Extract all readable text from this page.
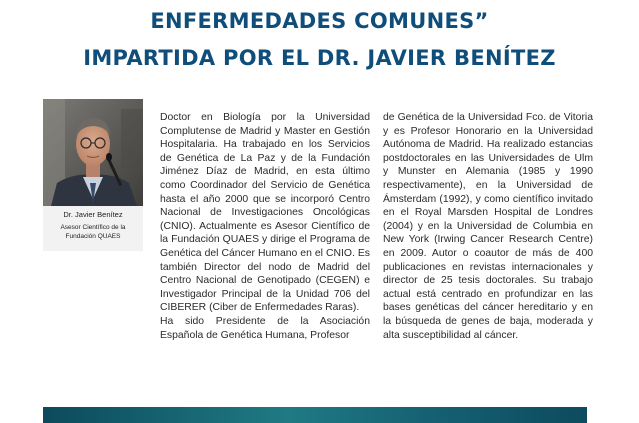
ENFERMEDADES COMUNES”
IMPARTIDA POR EL DR. JAVIER BENÍTEZ
Dr. Javier Benítez
Asesor Científico de la
Fundación QUAES

Doctor en Biología por la Universidad Complutense de Madrid y Master en Gestión Hospitalaria. Ha trabajado en los Servicios de Genética de La Paz y de la Fundación Jiménez Díaz de Madrid, en esta último como Coordinador del Servicio de Genética hasta el año 2000 que se incorporó Centro Nacional de Investigaciones Oncológicas (CNIO). Actualmente es Asesor Científico de la Fundación QUAES y dirige el Programa de Genética del Cáncer Humano en el CNIO. Es también Director del nodo de Madrid del Centro Nacional de Genotipado (CEGEN) e Investigador Principal de la Unidad 706 del CIBERER (Ciber de Enfermedades Raras).

Ha sido Presidente de la Asociación Española de Genética Humana, Profesor

de Genética de la Universidad Fco. de Vitoria y es Profesor Honorario en la Universidad Autónoma de Madrid. Ha realizado estancias postdoctorales en las Universidades de Ulm y Munster en Alemania (1985 y 1990 respectivamente), en la Universidad de Ámsterdam (1992), y como científico invitado en el Royal Marsden Hospital de Londres (2004) y en la Universidad de Columbia en New York (Irwing Cancer Research Centre) en 2009. Autor o coautor de más de 400 publicaciones en revistas internacionales y director de 25 tesis doctorales. Su trabajo actual está centrado en profundizar en las bases genéticas del cáncer hereditario y en la búsqueda de genes de baja, moderada y alta susceptibilidad al cáncer.
